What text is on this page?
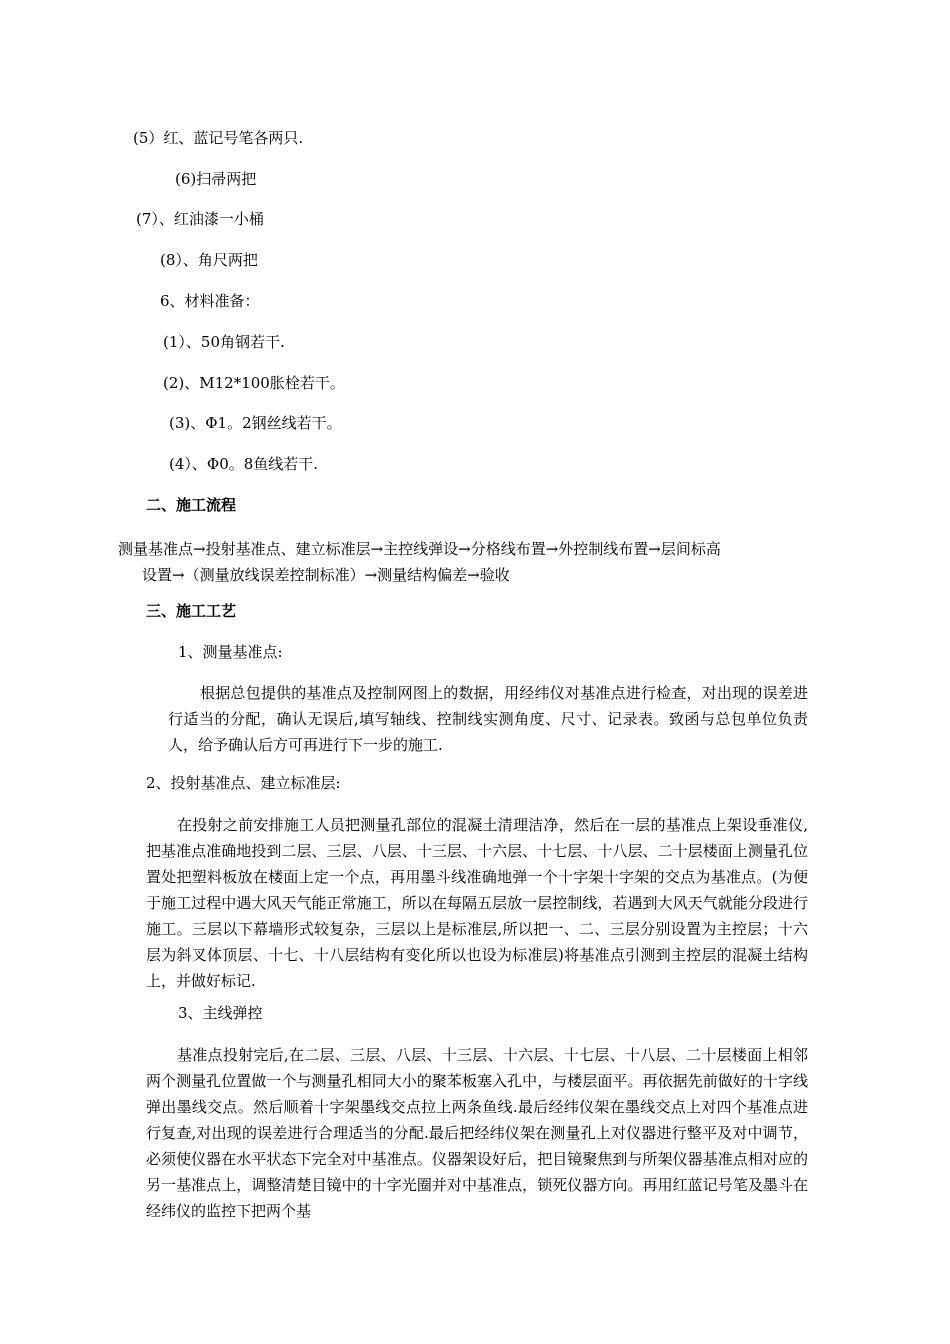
(5）红、蓝记号笔各两只.

(6)扫帚两把

(7）、红油漆一小桶

(8）、角尺两把

6、材料准备：

(1）、50角钢若干.

(2)、M12*100胀栓若干。

(3)、Φ1。2钢丝线若干。

(4）、Φ0。8鱼线若干.

二、施工流程

测量基准点→投射基准点、建立标准层→主控线弹设→分格线布置→外控制线布置→层间标高
设置→（测量放线误差控制标准）→测量结构偏差→验收

三、施工工艺

1、测量基准点:

根据总包提供的基准点及控制网图上的数据，用经纬仪对基准点进行检查，对出现的误差进行适当的分配，确认无误后,填写轴线、控制线实测角度、尺寸、记录表。致函与总包单位负责人，给予确认后方可再进行下一步的施工.

2、投射基准点、建立标准层:

在投射之前安排施工人员把测量孔部位的混凝土清理洁净，然后在一层的基准点上架设垂准仪,把基准点准确地投到二层、三层、八层、十三层、十六层、十七层、十八层、二十层楼面上测量孔位置处把塑料板放在楼面上定一个点，再用墨斗线准确地弹一个十字架十字架的交点为基准点。(为便于施工过程中遇大风天气能正常施工，所以在每隔五层放一层控制线，若遇到大风天气就能分段进行施工。三层以下幕墙形式较复杂，三层以上是标准层,所以把一、二、三层分别设置为主控层；十六层为斜叉体顶层、十七、十八层结构有变化所以也设为标准层)将基准点引测到主控层的混凝土结构上，并做好标记.

3、主线弹控

基准点投射完后,在二层、三层、八层、十三层、十六层、十七层、十八层、二十层楼面上相邻两个测量孔位置做一个与测量孔相同大小的聚苯板塞入孔中，与楼层面平。再依据先前做好的十字线弹出墨线交点。然后顺着十字架墨线交点拉上两条鱼线.最后经纬仪架在墨线交点上对四个基准点进行复查,对出现的误差进行合理适当的分配.最后把经纬仪架在测量孔上对仪器进行整平及对中调节，必须使仪器在水平状态下完全对中基准点。仪器架设好后，把目镜聚焦到与所架仪器基准点相对应的另一基准点上，调整清楚目镜中的十字光圈并对中基准点，锁死仪器方向。再用红蓝记号笔及墨斗在经纬仪的监控下把两个基
